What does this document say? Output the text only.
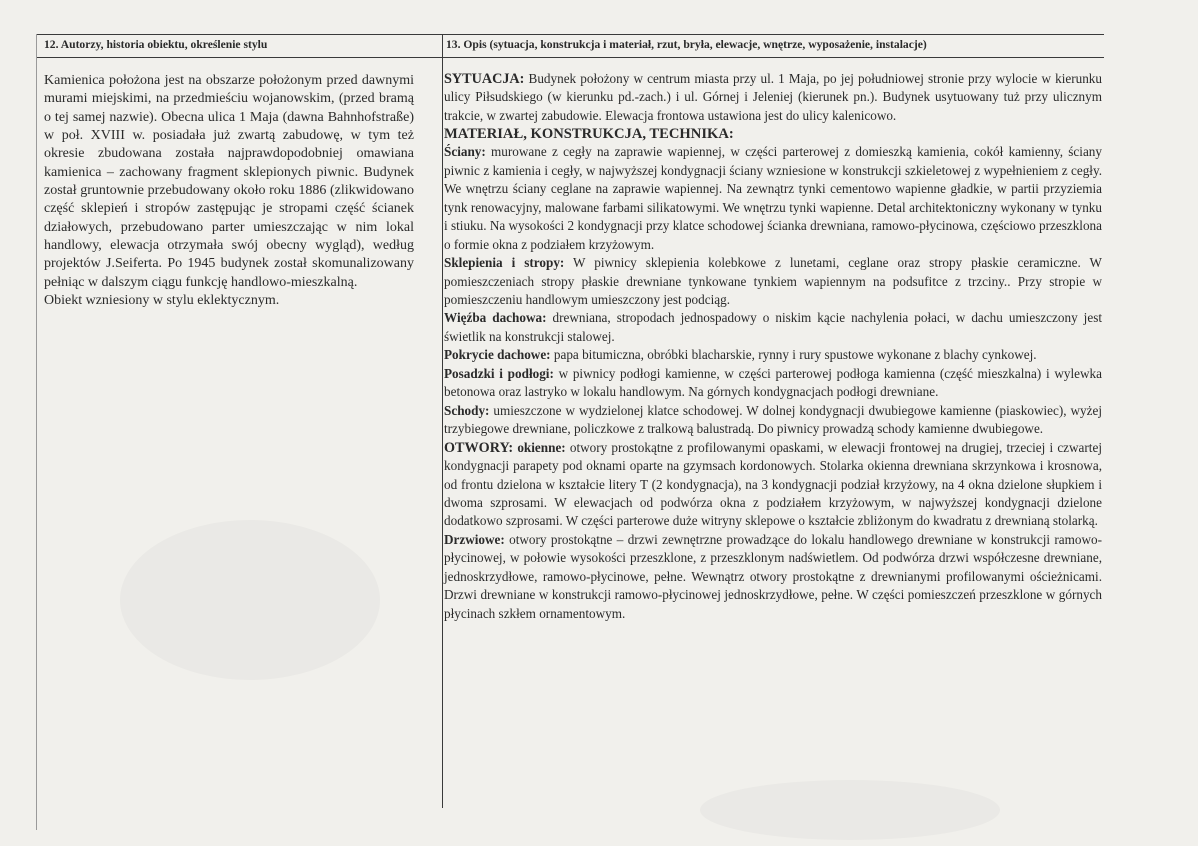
12. Autorzy, historia obiektu, określenie stylu	13. Opis (sytuacja, konstrukcja i materiał, rzut, bryła, elewacje, wnętrze, wyposażenie, instalacje)

Kamienica położona jest na obszarze położonym przed dawnymi murami miejskimi, na przedmieściu wojanowskim, (przed bramą o tej samej nazwie). Obecna ulica 1 Maja (dawna Bahnhofstraße) w poł. XVIII w. posiadała już zwartą zabudowę, w tym też okresie zbudowana została najprawdopodobniej omawiana kamienica – zachowany fragment sklepionych piwnic. Budynek został gruntownie przebudowany około roku 1886 (zlikwidowano część sklepień i stropów zastępując je stropami część ścianek działowych, przebudowano parter umieszczając w nim lokal handlowy, elewacja otrzymała swój obecny wygląd), według projektów J.Seiferta. Po 1945 budynek został skomunalizowany pełniąc w dalszym ciągu funkcję handlowo-mieszkalną.

Obiekt wzniesiony w stylu eklektycznym.

SYTUACJA: Budynek położony w centrum miasta przy ul. 1 Maja, po jej południowej stronie przy wylocie w kierunku ulicy Piłsudskiego (w kierunku pd.-zach.) i ul. Górnej i Jeleniej (kierunek pn.). Budynek usytuowany tuż przy ulicznym trakcie, w zwartej zabudowie. Elewacja frontowa ustawiona jest do ulicy kalenicowo.

MATERIAŁ, KONSTRUKCJA, TECHNIKA:

Ściany: murowane z cegły na zaprawie wapiennej, w części parterowej z domieszką kamienia, cokół kamienny, ściany piwnic z kamienia i cegły, w najwyższej kondygnacji ściany wzniesione w konstrukcji szkieletowej z wypełnieniem z cegły. We wnętrzu ściany ceglane na zaprawie wapiennej. Na zewnątrz tynki cementowo wapienne gładkie, w partii przyziemia tynk renowacyjny, malowane farbami silikatowymi. We wnętrzu tynki wapienne. Detal architektoniczny wykonany w tynku i stiuku. Na wysokości 2 kondygnacji przy klatce schodowej ścianka drewniana, ramowo-płycinowa, częściowo przeszklona o formie okna z podziałem krzyżowym.

Sklepienia i stropy: W piwnicy sklepienia kolebkowe z lunetami, ceglane oraz stropy płaskie ceramiczne. W pomieszczeniach stropy płaskie drewniane tynkowane tynkiem wapiennym na podsufitce z trzciny.. Przy stropie w pomieszczeniu handlowym umieszczony jest podciąg.

Więźba dachowa: drewniana, stropodach jednospadowy o niskim kącie nachylenia połaci, w dachu umieszczony jest świetlik na konstrukcji stalowej.

Pokrycie dachowe: papa bitumiczna, obróbki blacharskie, rynny i rury spustowe wykonane z blachy cynkowej.

Posadzki i podłogi: w piwnicy podłogi kamienne, w części parterowej podłoga kamienna (część mieszkalna) i wylewka betonowa oraz lastryko w lokalu handlowym. Na górnych kondygnacjach podłogi drewniane.

Schody: umieszczone w wydzielonej klatce schodowej. W dolnej kondygnacji dwubiegowe kamienne (piaskowiec), wyżej trzybiegowe drewniane, policzkowe z tralkową balustradą. Do piwnicy prowadzą schody kamienne dwubiegowe.

OTWORY: okienne: otwory prostokątne z profilowanymi opaskami, w elewacji frontowej na drugiej, trzeciej i czwartej kondygnacji parapety pod oknami oparte na gzymsach kordonowych. Stolarka okienna drewniana skrzynkowa i krosnowa, od frontu dzielona w kształcie litery T (2 kondygnacja), na 3 kondygnacji podział krzyżowy, na 4 okna dzielone słupkiem i dwoma szprosami. W elewacjach od podwórza okna z podziałem krzyżowym, w najwyższej kondygnacji dzielone dodatkowo szprosami. W części parterowe duże witryny sklepowe o kształcie zbliżonym do kwadratu z drewnianą stolarką.

Drzwiowe: otwory prostokątne – drzwi zewnętrzne prowadzące do lokalu handlowego drewniane w konstrukcji ramowo-płycinowej, w połowie wysokości przeszklone, z przeszklonym nadświetlem. Od podwórza drzwi współczesne drewniane, jednoskrzydłowe, ramowo-płycinowe, pełne. Wewnątrz otwory prostokątne z drewnianymi profilowanymi ościeżnicami. Drzwi drewniane w konstrukcji ramowo-płycinowej jednoskrzydłowe, pełne. W części pomieszczeń przeszklone w górnych płycinach szkłem ornamentowym.
